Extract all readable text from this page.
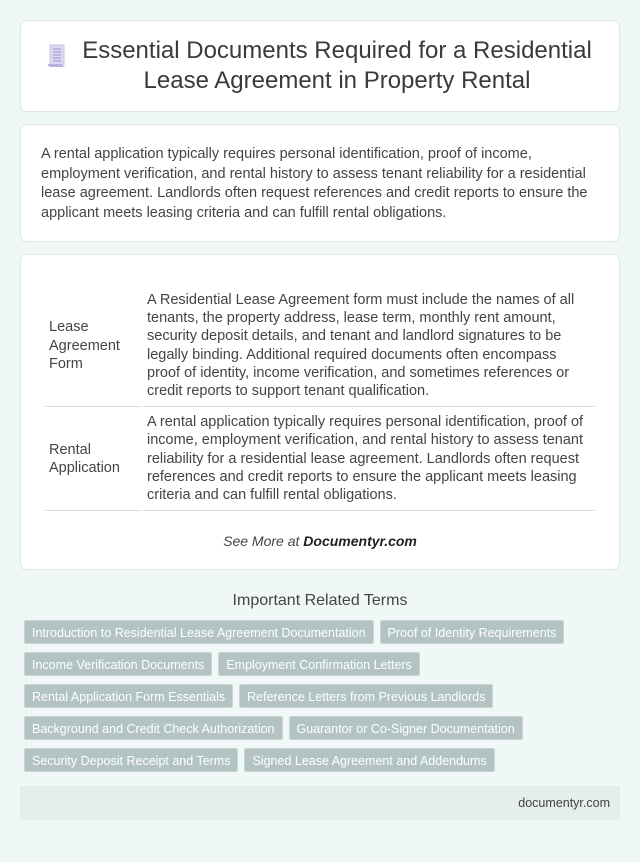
Essential Documents Required for a Residential Lease Agreement in Property Rental

A rental application typically requires personal identification, proof of income, employment verification, and rental history to assess tenant reliability for a residential lease agreement. Landlords often request references and credit reports to ensure the applicant meets leasing criteria and can fulfill rental obligations.

Lease Agreement Form	A Residential Lease Agreement form must include the names of all tenants, the property address, lease term, monthly rent amount, security deposit details, and tenant and landlord signatures to be legally binding. Additional required documents often encompass proof of identity, income verification, and sometimes references or credit reports to support tenant qualification.
Rental Application	A rental application typically requires personal identification, proof of income, employment verification, and rental history to assess tenant reliability for a residential lease agreement. Landlords often request references and credit reports to ensure the applicant meets leasing criteria and can fulfill rental obligations.
See More at Documentyr.com
Important Related Terms
Introduction to Residential Lease Agreement Documentation	Proof of Identity Requirements
Income Verification Documents	Employment Confirmation Letters
Rental Application Form Essentials	Reference Letters from Previous Landlords
Background and Credit Check Authorization	Guarantor or Co-Signer Documentation
Security Deposit Receipt and Terms	Signed Lease Agreement and Addendums
documentyr.com
